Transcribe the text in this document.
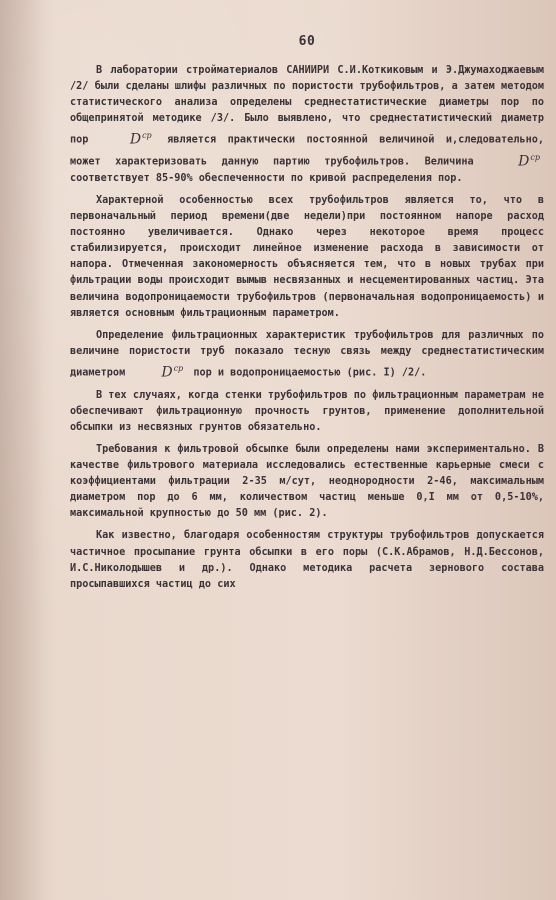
60

В лаборатории стройматериалов САНИИРИ С.И.Коткиковым и Э.Джумаходжаевым /2/ были сделаны шлифы различных по пористости трубофильтров, а затем методом статистического анализа определены среднестатистические диаметры пор по общепринятой методике /3/. Было выявлено, что среднестатистический диаметр пор	$D^{ср}$ является практически постоянной величиной и,следовательно, может характеризовать данную партию трубофильтров. Величина	$D^{ср}$ соответствует 85-90% обеспеченности по кривой распределения пор.

Характерной особенностью всех трубофильтров является то, что в первоначальный период времени(две недели)при постоянном напоре расход постоянно увеличивается. Однако через некоторое время процесс стабилизируется, происходит линейное изменение расхода в зависимости от напора. Отмеченная закономерность объясняется тем, что в новых трубах при фильтрации воды происходит вымыв несвязанных и несцементированных частиц. Эта величина водопроницаемости трубофильтров (первоначальная водопроницаемость) и является основным фильтрационным параметром.

Определение фильтрационных характеристик трубофильтров для различных по величине пористости труб показало тесную связь между среднестатистическим диаметром	$D^{ср}$ пор и водопроницаемостью (рис. I) /2/.

В тех случаях, когда стенки трубофильтров по фильтрационным параметрам не обеспечивают фильтрационную прочность грунтов, применение дополнительной обсыпки из несвязных грунтов обязательно.

Требования к фильтровой обсыпке были определены нами экспериментально. В качестве фильтрового материала исследовались естественные карьерные смеси с коэффициентами фильтрации 2-35 м/сут, неоднородности 2-46, максимальным диаметром пор до 6 мм, количеством частиц меньше 0,I мм от 0,5-10%, максимальной крупностью до 50 мм (рис. 2).

Как известно, благодаря особенностям структуры трубофильтров допускается частичное просыпание грунта обсыпки в его поры (С.К.Абрамов, Н.Д.Бессонов, И.С.Николодышев и др.). Однако методика расчета зернового состава просыпавшихся частиц до сих
